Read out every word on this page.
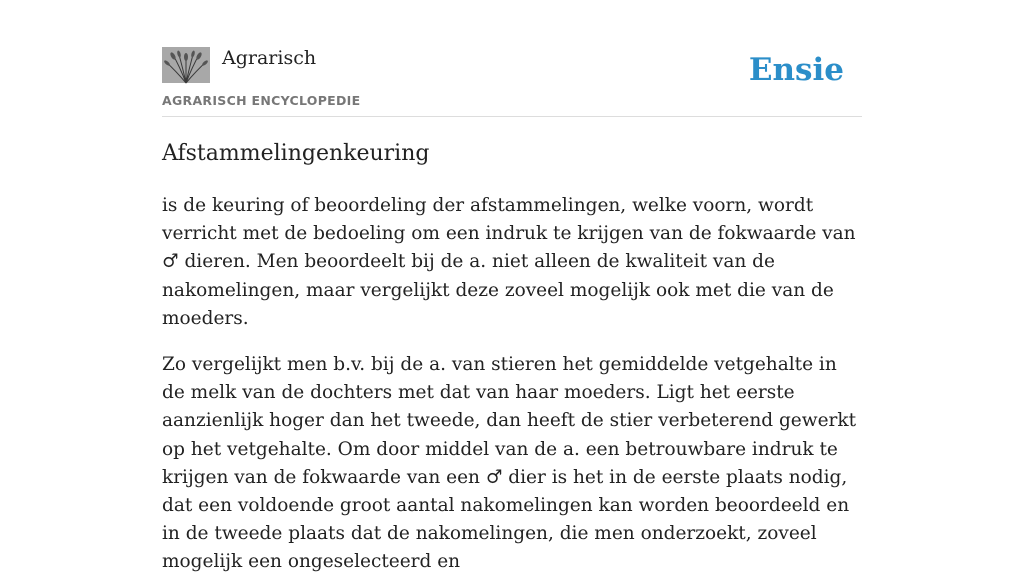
Agrarisch
AGRARISCH ENCYCLOPEDIE
Ensie
Afstammelingenkeuring

is de keuring of beoordeling der afstammelingen, welke voorn, wordt verricht met de bedoeling om een indruk te krijgen van de fokwaarde van ♂ dieren. Men beoordeelt bij de a. niet alleen de kwaliteit van de nakomelingen, maar vergelijkt deze zoveel mogelijk ook met die van de moeders.

Zo vergelijkt men b.v. bij de a. van stieren het gemiddelde vetgehalte in de melk van de dochters met dat van haar moeders. Ligt het eerste aanzienlijk hoger dan het tweede, dan heeft de stier verbeterend gewerkt op het vetgehalte. Om door middel van de a. een betrouwbare indruk te krijgen van de fokwaarde van een ♂ dier is het in de eerste plaats nodig, dat een voldoende groot aantal nakomelingen kan worden beoordeeld en in de tweede plaats dat de nakomelingen, die men onderzoekt, zoveel mogelijk een ongeselecteerd en
